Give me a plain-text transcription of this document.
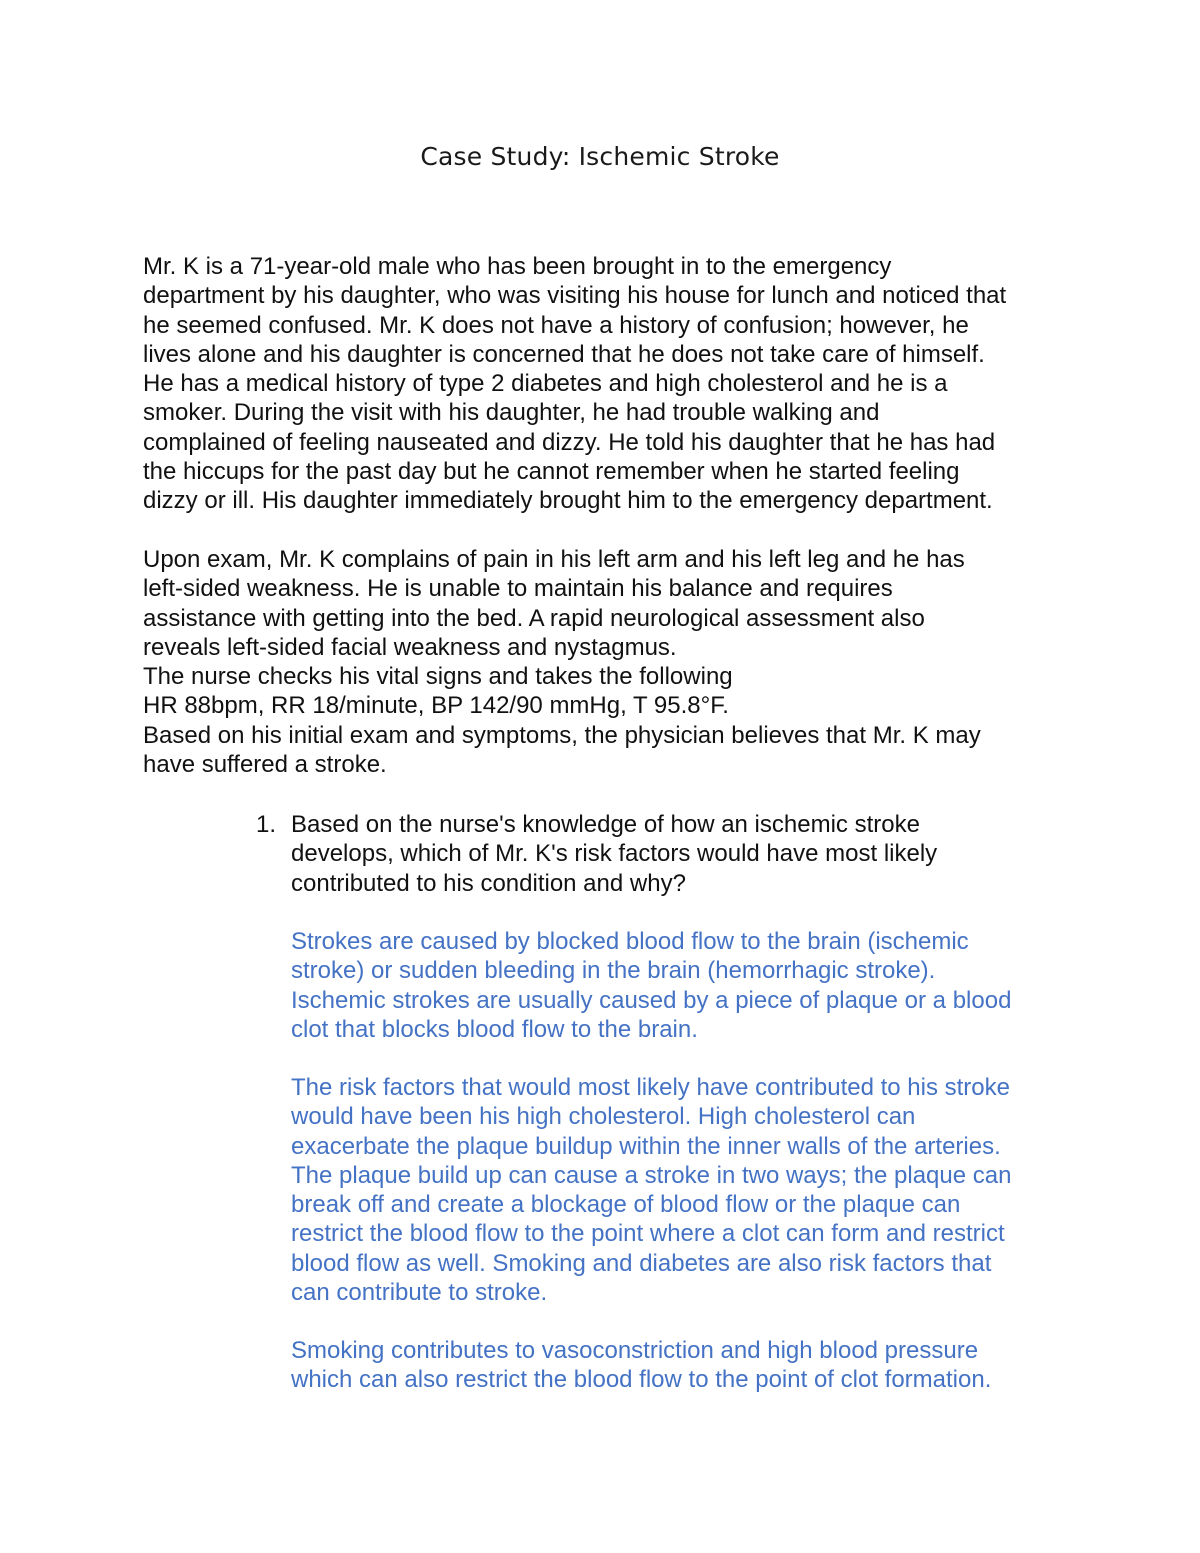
Case Study: Ischemic Stroke
Mr. K is a 71-year-old male who has been brought in to the emergency
department by his daughter, who was visiting his house for lunch and noticed that
he seemed confused. Mr. K does not have a history of confusion; however, he
lives alone and his daughter is concerned that he does not take care of himself.
He has a medical history of type 2 diabetes and high cholesterol and he is a
smoker. During the visit with his daughter, he had trouble walking and
complained of feeling nauseated and dizzy. He told his daughter that he has had
the hiccups for the past day but he cannot remember when he started feeling
dizzy or ill. His daughter immediately brought him to the emergency department.
Upon exam, Mr. K complains of pain in his left arm and his left leg and he has
left-sided weakness. He is unable to maintain his balance and requires
assistance with getting into the bed. A rapid neurological assessment also
reveals left-sided facial weakness and nystagmus.
The nurse checks his vital signs and takes the following
HR 88bpm, RR 18/minute, BP 142/90 mmHg, T 95.8°F.
Based on his initial exam and symptoms, the physician believes that Mr. K may
have suffered a stroke.
1. Based on the nurse's knowledge of how an ischemic stroke
develops, which of Mr. K's risk factors would have most likely
contributed to his condition and why?
Strokes are caused by blocked blood flow to the brain (ischemic
stroke) or sudden bleeding in the brain (hemorrhagic stroke).
Ischemic strokes are usually caused by a piece of plaque or a blood
clot that blocks blood flow to the brain.
The risk factors that would most likely have contributed to his stroke
would have been his high cholesterol. High cholesterol can
exacerbate the plaque buildup within the inner walls of the arteries.
The plaque build up can cause a stroke in two ways; the plaque can
break off and create a blockage of blood flow or the plaque can
restrict the blood flow to the point where a clot can form and restrict
blood flow as well. Smoking and diabetes are also risk factors that
can contribute to stroke.
Smoking contributes to vasoconstriction and high blood pressure
which can also restrict the blood flow to the point of clot formation.
